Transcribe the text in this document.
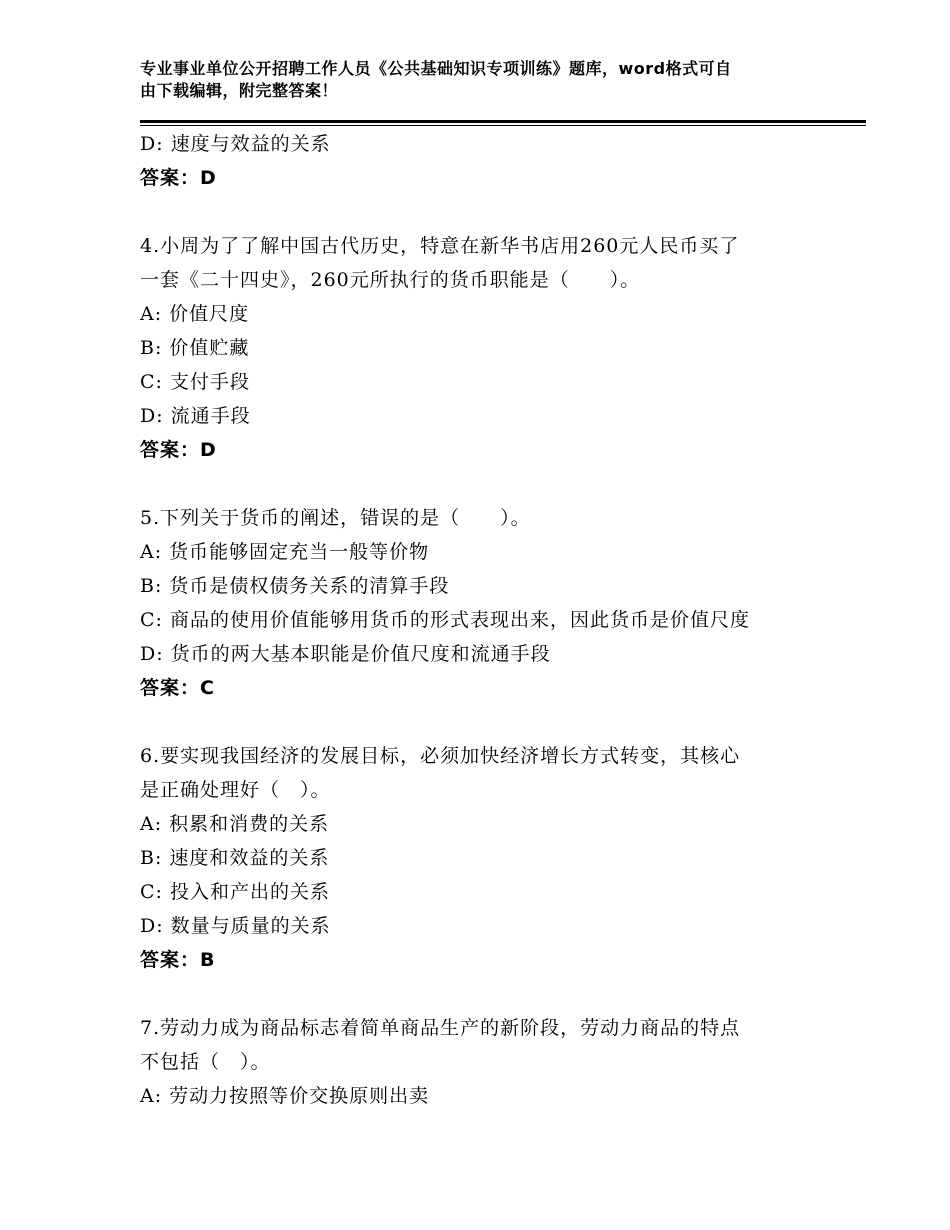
专业事业单位公开招聘工作人员《公共基础知识专项训练》题库，word格式可自
由下载编辑，附完整答案！
D: 速度与效益的关系
答案：D
4.小周为了了解中国古代历史，特意在新华书店用260元人民币买了
一套《二十四史》，260元所执行的货币职能是（　　）。
A: 价值尺度
B: 价值贮藏
C: 支付手段
D: 流通手段
答案：D
5.下列关于货币的阐述，错误的是（　　）。
A: 货币能够固定充当一般等价物
B: 货币是债权债务关系的清算手段
C: 商品的使用价值能够用货币的形式表现出来，因此货币是价值尺度
D: 货币的两大基本职能是价值尺度和流通手段
答案：C
6.要实现我国经济的发展目标，必须加快经济增长方式转变，其核心
是正确处理好（　）。
A: 积累和消费的关系
B: 速度和效益的关系
C: 投入和产出的关系
D: 数量与质量的关系
答案：B
7.劳动力成为商品标志着简单商品生产的新阶段，劳动力商品的特点
不包括（　）。
A: 劳动力按照等价交换原则出卖
